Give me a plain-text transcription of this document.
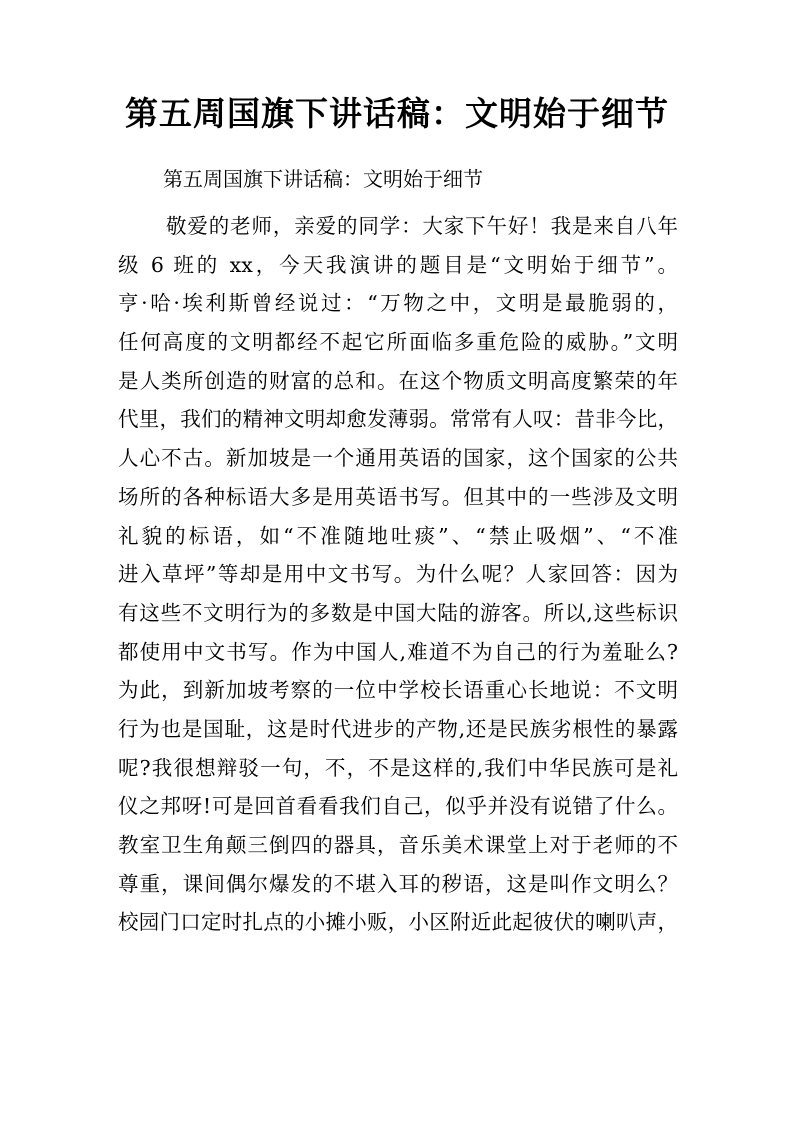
第五周国旗下讲话稿：文明始于细节

第五周国旗下讲话稿：文明始于细节

敬爱的老师，亲爱的同学：大家下午好！我是来自八年
级 6 班的 xx，今天我演讲的题目是“文明始于细节”。
亨·哈·埃利斯曾经说过：“万物之中，文明是最脆弱的，
任何高度的文明都经不起它所面临多重危险的威胁。”文明
是人类所创造的财富的总和。在这个物质文明高度繁荣的年
代里，我们的精神文明却愈发薄弱。常常有人叹：昔非今比，
人心不古。新加坡是一个通用英语的国家，这个国家的公共
场所的各种标语大多是用英语书写。但其中的一些涉及文明
礼貌的标语，如“不准随地吐痰”、“禁止吸烟”、“不准
进入草坪”等却是用中文书写。为什么呢？人家回答：因为
有这些不文明行为的多数是中国大陆的游客。所以,这些标识
都使用中文书写。作为中国人,难道不为自己的行为羞耻么?
为此，到新加坡考察的一位中学校长语重心长地说：不文明
行为也是国耻，这是时代进步的产物,还是民族劣根性的暴露
呢?我很想辩驳一句，不，不是这样的,我们中华民族可是礼
仪之邦呀!可是回首看看我们自己，似乎并没有说错了什么。
教室卫生角颠三倒四的器具，音乐美术课堂上对于老师的不
尊重，课间偶尔爆发的不堪入耳的秽语，这是叫作文明么？
校园门口定时扎点的小摊小贩，小区附近此起彼伏的喇叭声，
